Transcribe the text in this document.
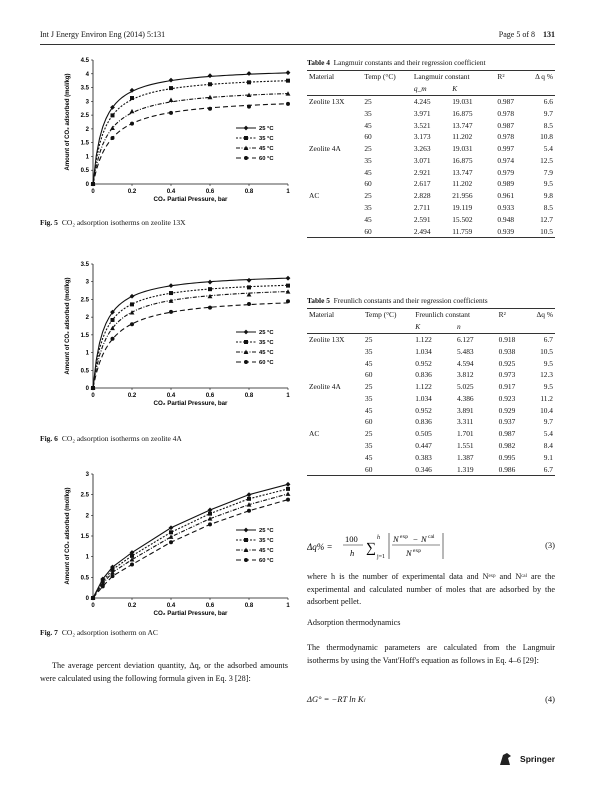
Int J Energy Environ Eng (2014) 5:131	Page 5 of 8 131
0
0.5
1
1.5
2
2.5
3
3.5
4
4.5
0	0.2	0.4	0.6	0.8	1
CO₂ Partial Pressure, bar
Amount of CO₂ adsorbed (mol/kg)	25 °C
35 °C
45 °C
60 °C
Fig. 5 CO₂ adsorption isotherms on zeolite 13X
0
0.5
1
1.5
2
2.5
3
3.5
0	0.2	0.4	0.6	0.8	1
CO₂ Partial Pressure, bar
Amount of CO₂ adsorbed (mol/kg)	25 °C
35 °C
45 °C
60 °C
Fig. 6 CO₂ adsorption isotherms on zeolite 4A
0
0.5
1
1.5
2
2.5
3
0	0.2	0.4	0.6	0.8	1
CO₂ Partial Pressure, bar
Amount of CO₂ adsorbed (mol/kg)	25 °C
35 °C
45 °C
60 °C
Fig. 7 CO₂ adsorption isotherm on AC
The average percent deviation quantity, Δq, or the adsorbed amounts were calculated using the following formula given in Eq. 3 [28]:
Table 4 Langmuir constants and their regression coefficient
Material	Temp (°C)	Langmuir constant		R²	Δ q %
		q_m	K		
Zeolite 13X	25	4.245	19.031	0.987	6.6
	35	3.971	16.875	0.978	9.7
	45	3.521	13.747	0.987	8.5
	60	3.173	11.202	0.978	10.8
Zeolite 4A	25	3.263	19.031	0.997	5.4
	35	3.071	16.875	0.974	12.5
	45	2.921	13.747	0.979	7.9
	60	2.617	11.202	0.989	9.5
AC	25	2.828	21.956	0.961	9.8
	35	2.711	19.119	0.933	8.5
	45	2.591	15.502	0.948	12.7
	60	2.494	11.759	0.939	10.5
Table 5 Freunlich constants and their regression coefficients
Material	Temp (°C)	Freunlich constant		R²	Δq %
		K	n		
Zeolite 13X	25	1.122	6.127	0.918	6.7
	35	1.034	5.483	0.938	10.5
	45	0.952	4.594	0.925	9.5
	60	0.836	3.812	0.973	12.3
Zeolite 4A	25	1.122	5.025	0.917	9.5
	35	1.034	4.386	0.923	11.2
	45	0.952	3.891	0.929	10.4
	60	0.836	3.311	0.937	9.7
AC	25	0.505	1.701	0.987	5.4
	35	0.447	1.551	0.982	8.4
	45	0.383	1.387	0.995	9.1
	60	0.346	1.319	0.986	6.7
Δq% =
100
h ∑
h
j=1
N exp − N cal
N exp
(3)
where h is the number of experimental data and Nᵉˣᵖ and Nᶜᵃˡ are the experimental and calculated number of moles that are adsorbed by the adsorbent pellet.
Adsorption thermodynamics
The thermodynamic parameters are calculated from the Langmuir isotherms by using the Vant'Hoff's equation as follows in Eq. 4–6 [29]:
ΔG° = −RT ln Kₗ	(4)
Springer
